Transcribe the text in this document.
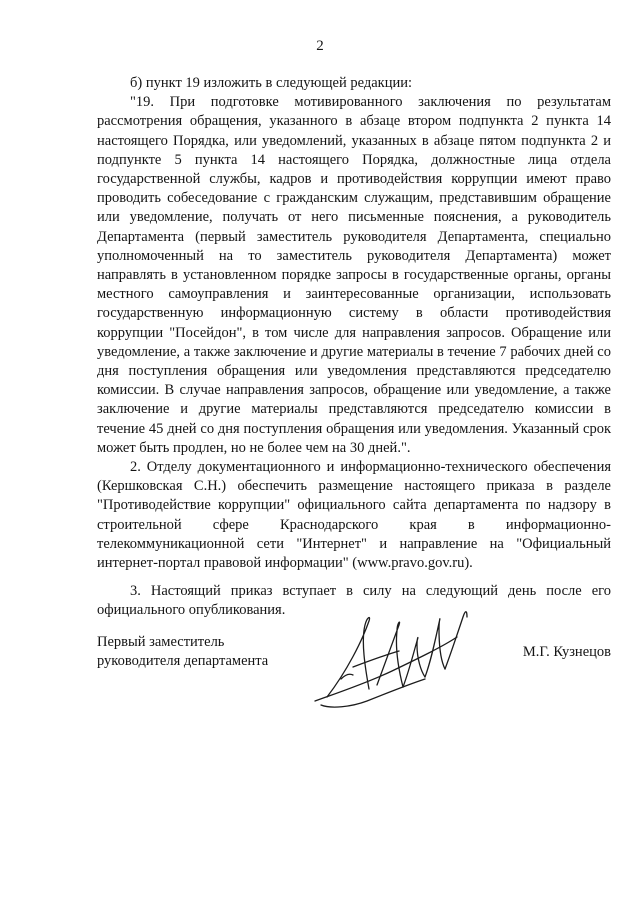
2

б) пункт 19 изложить в следующей редакции:

"19. При подготовке мотивированного заключения по результатам рассмотрения обращения, указанного в абзаце втором подпункта 2 пункта 14 настоящего Порядка, или уведомлений, указанных в абзаце пятом подпункта 2 и подпункте 5 пункта 14 настоящего Порядка, должностные лица отдела государственной службы, кадров и противодействия коррупции имеют право проводить собеседование с гражданским служащим, представившим обращение или уведомление, получать от него письменные пояснения, а руководитель Департамента (первый заместитель руководителя Департамента, специально уполномоченный на то заместитель руководителя Департамента) может направлять в установленном порядке запросы в государственные органы, органы местного самоуправления и заинтересованные организации, использовать государственную информационную систему в области противодействия коррупции "Посейдон", в том числе для направления запросов. Обращение или уведомление, а также заключение и другие материалы в течение 7 рабочих дней со дня поступления обращения или уведомления представляются председателю комиссии. В случае направления запросов, обращение или уведомление, а также заключение и другие материалы представляются председателю комиссии в течение 45 дней со дня поступления обращения или уведомления. Указанный срок может быть продлен, но не более чем на 30 дней.".

2. Отделу документационного и информационно-технического обеспечения (Кершковская С.Н.) обеспечить размещение настоящего приказа в разделе "Противодействие коррупции" официального сайта департамента по надзору в строительной сфере Краснодарского края в информационно-телекоммуникационной сети "Интернет" и направление на "Официальный интернет-портал правовой информации" (www.pravo.gov.ru).

3. Настоящий приказ вступает в силу на следующий день после его официального опубликования.

Первый заместитель
руководителя департамента
М.Г. Кузнецов
